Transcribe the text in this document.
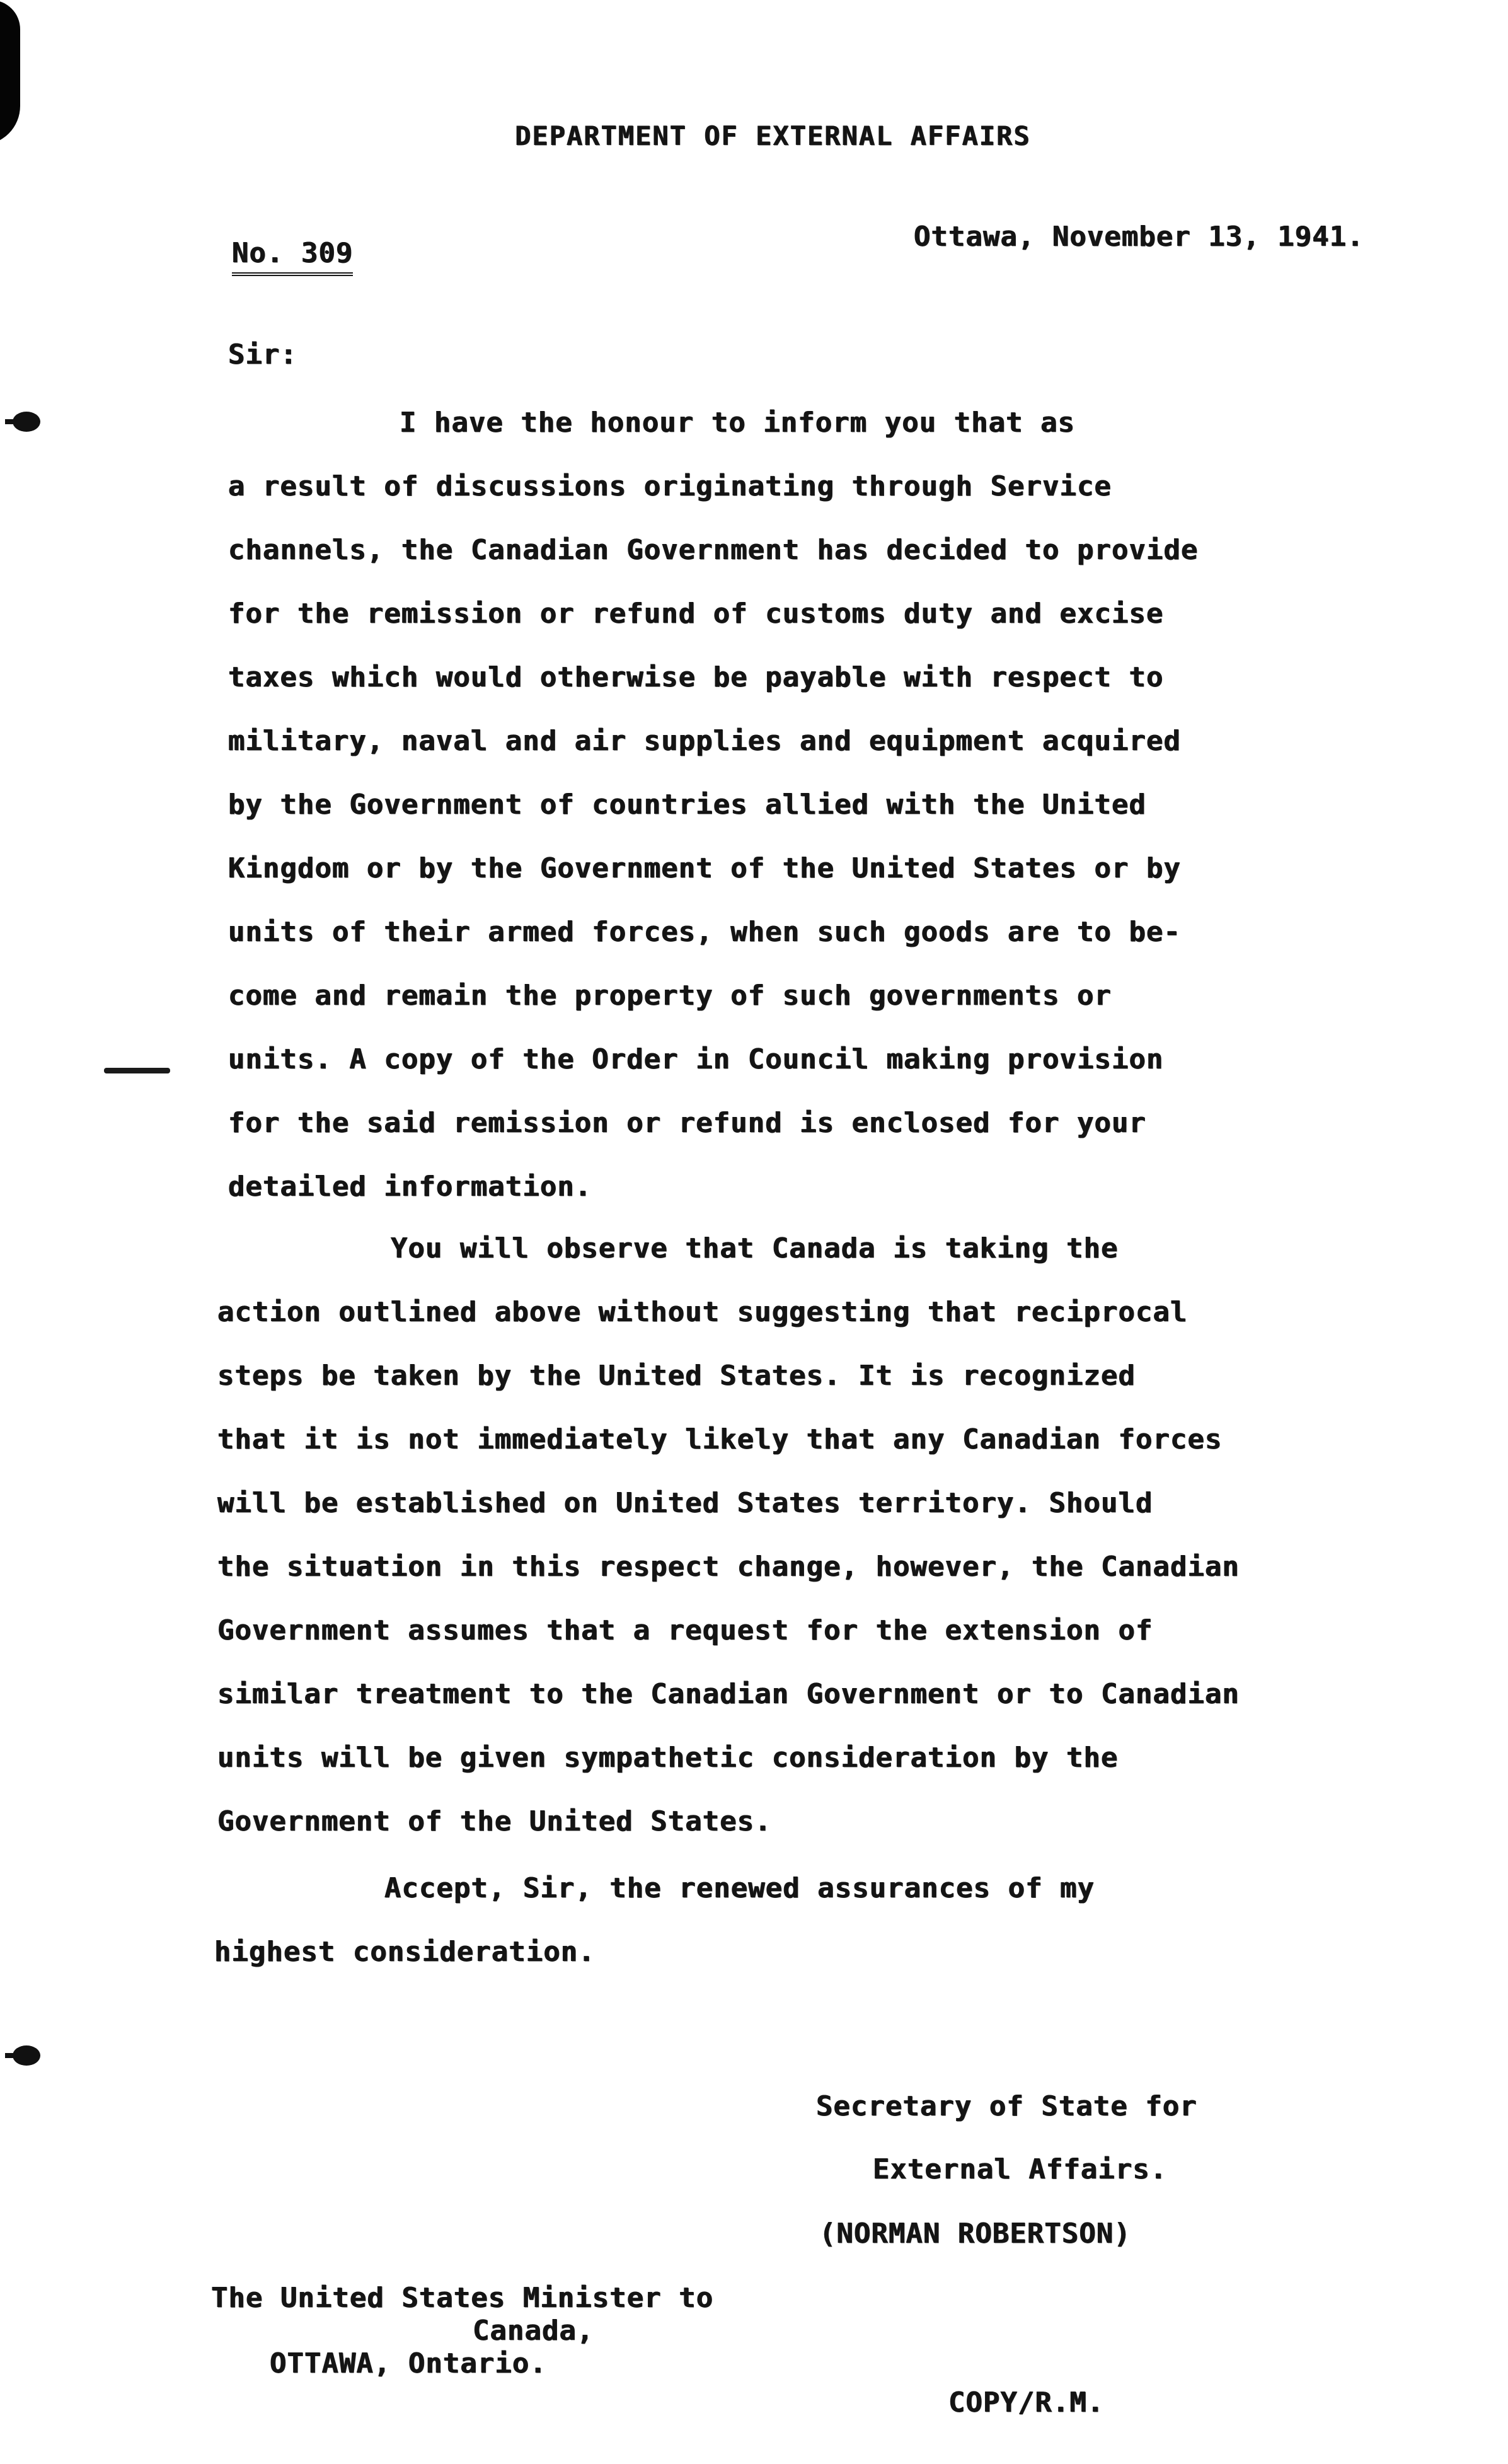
DEPARTMENT OF EXTERNAL AFFAIRS
Ottawa, November 13, 1941.
No. 309
Sir:
I have the honour to inform you that as
a result of discussions originating through Service
channels, the Canadian Government has decided to provide
for the remission or refund of customs duty and excise
taxes which would otherwise be payable with respect to
military, naval and air supplies and equipment acquired
by the Government of countries allied with the United
Kingdom or by the Government of the United States or by
units of their armed forces, when such goods are to be-
come and remain the property of such governments or
units. A copy of the Order in Council making provision
for the said remission or refund is enclosed for your
detailed information.
You will observe that Canada is taking the
action outlined above without suggesting that reciprocal
steps be taken by the United States. It is recognized
that it is not immediately likely that any Canadian forces
will be established on United States territory. Should
the situation in this respect change, however, the Canadian
Government assumes that a request for the extension of
similar treatment to the Canadian Government or to Canadian
units will be given sympathetic consideration by the
Government of the United States.
Accept, Sir, the renewed assurances of my
highest consideration.
Secretary of State for
External Affairs.
(NORMAN ROBERTSON)
The United States Minister to
Canada,
OTTAWA, Ontario.
COPY/R.M.
